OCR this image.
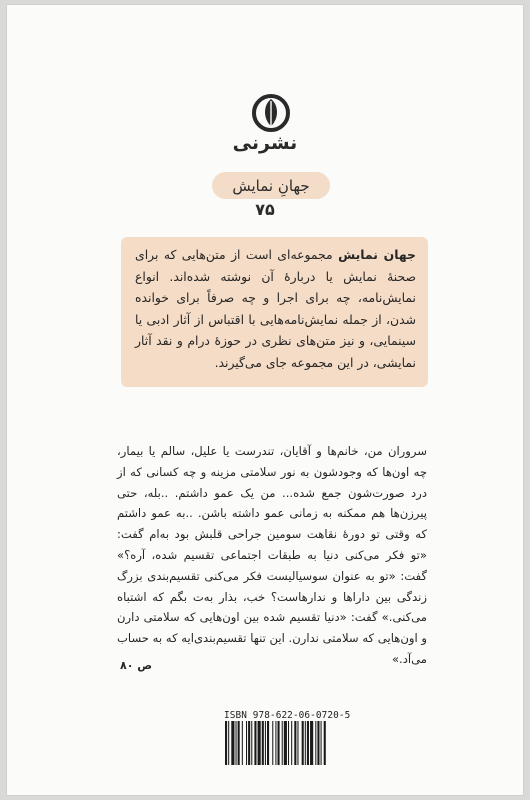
نشرنی
جهانِ نمایش
۷۵
جهان نمایش مجموعه‌ای است از متن‌هایی که برای صحنهٔ نمایش یا دربارهٔ آن نوشته شده‌اند. انواع نمایش‌نامه، چه برای اجرا و چه صرفاً برای خوانده شدن، از جمله نمایش‌نامه‌هایی با اقتباس از آثار ادبی یا سینمایی، و نیز متن‌های نظری در حوزهٔ درام و نقد آثار نمایشی، در این مجموعه جای می‌گیرند.
سروران من، خانم‌ها و آقایان، تندرست یا علیل، سالم یا بیمار، چه اون‌ها که وجودشون به نور سلامتی مزینه و چه کسانی که از درد صورت‌شون جمع شده... من یک عمو داشتم. ..بله، حتی پیرزن‌ها هم ممکنه به زمانی عمو داشته باشن. ..به عمو داشتم که وقتی تو دورهٔ نقاهت سومین جراحی قلبش بود به‌ام گفت: «تو فکر می‌کنی دنیا به طبقات اجتماعی تقسیم شده، آره؟» گفت: «تو به عنوان سوسیالیست فکر می‌کنی تقسیم‌بندی بزرگ زندگی بین داراها و ندارهاست؟ خب، بذار به‌ت بگم که اشتباه می‌کنی.» گفت: «دنیا تقسیم شده بین اون‌هایی که سلامتی دارن و اون‌هایی که سلامتی ندارن. این تنها تقسیم‌بندی‌ایه که به حساب می‌آد.»
ص ۸۰
ISBN 978-622-06-0720-5
